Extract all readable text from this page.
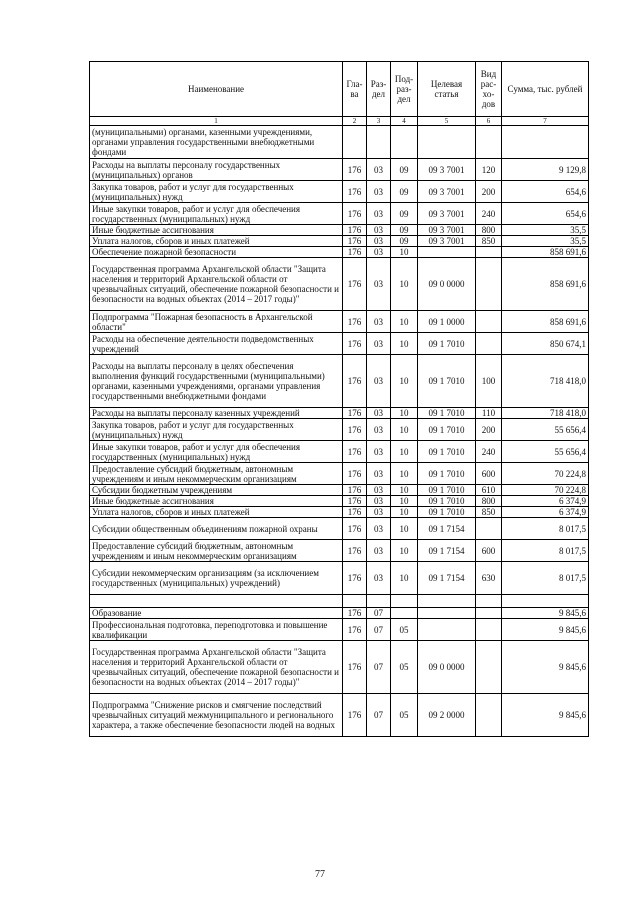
Наименование	Гла-ва	Раз-дел	Под-раз-дел	Целевая статья	Вид рас-хо-дов	Сумма, тыс. рублей
1	2	3	4	5	6	7
(муниципальными) органами, казенными учреждениями, органами управления государственными внебюджетными фондами						
Расходы на выплаты персоналу государственных (муниципальных) органов	176	03	09	09 3 7001	120	9 129,8
Закупка товаров, работ и услуг для государственных (муниципальных) нужд	176	03	09	09 3 7001	200	654,6
Иные закупки товаров, работ и услуг для обеспечения государственных (муниципальных) нужд	176	03	09	09 3 7001	240	654,6
Иные бюджетные ассигнования	176	03	09	09 3 7001	800	35,5
Уплата налогов, сборов и иных платежей	176	03	09	09 3 7001	850	35,5
Обеспечение пожарной безопасности	176	03	10			858 691,6
Государственная программа Архангельской области "Защита населения и территорий Архангельской области от чрезвычайных ситуаций, обеспечение пожарной безопасности и безопасности на водных объектах (2014 – 2017 годы)"	176	03	10	09 0 0000		858 691,6
Подпрограмма "Пожарная безопасность в Архангельской области"	176	03	10	09 1 0000		858 691,6
Расходы на обеспечение деятельности подведомственных учреждений	176	03	10	09 1 7010		850 674,1
Расходы на выплаты персоналу в целях обеспечения выполнения функций государственными (муниципальными) органами, казенными учреждениями, органами управления государственными внебюджетными фондами	176	03	10	09 1 7010	100	718 418,0
Расходы на выплаты персоналу казенных учреждений	176	03	10	09 1 7010	110	718 418,0
Закупка товаров, работ и услуг для государственных (муниципальных) нужд	176	03	10	09 1 7010	200	55 656,4
Иные закупки товаров, работ и услуг для обеспечения государственных (муниципальных) нужд	176	03	10	09 1 7010	240	55 656,4
Предоставление субсидий бюджетным, автономным учреждениям и иным некоммерческим организациям	176	03	10	09 1 7010	600	70 224,8
Субсидии бюджетным учреждениям	176	03	10	09 1 7010	610	70 224,8
Иные бюджетные ассигнования	176	03	10	09 1 7010	800	6 374,9
Уплата налогов, сборов и иных платежей	176	03	10	09 1 7010	850	6 374,9
Субсидии общественным объединениям пожарной охраны	176	03	10	09 1 7154		8 017,5
Предоставление субсидий бюджетным, автономным учреждениям и иным некоммерческим организациям	176	03	10	09 1 7154	600	8 017,5
Субсидии некоммерческим организациям (за исключением государственных (муниципальных) учреждений)	176	03	10	09 1 7154	630	8 017,5

Образование	176	07				9 845,6
Профессиональная подготовка, переподготовка и повышение квалификации	176	07	05			9 845,6
Государственная программа Архангельской области "Защита населения и территорий Архангельской области от чрезвычайных ситуаций, обеспечение пожарной безопасности и безопасности на водных объектах (2014 – 2017 годы)"	176	07	05	09 0 0000		9 845,6
Подпрограмма "Снижение рисков и смягчение последствий чрезвычайных ситуаций межмуниципального и регионального характера, а также обеспечение безопасности людей на водных	176	07	05	09 2 0000		9 845,6
77
